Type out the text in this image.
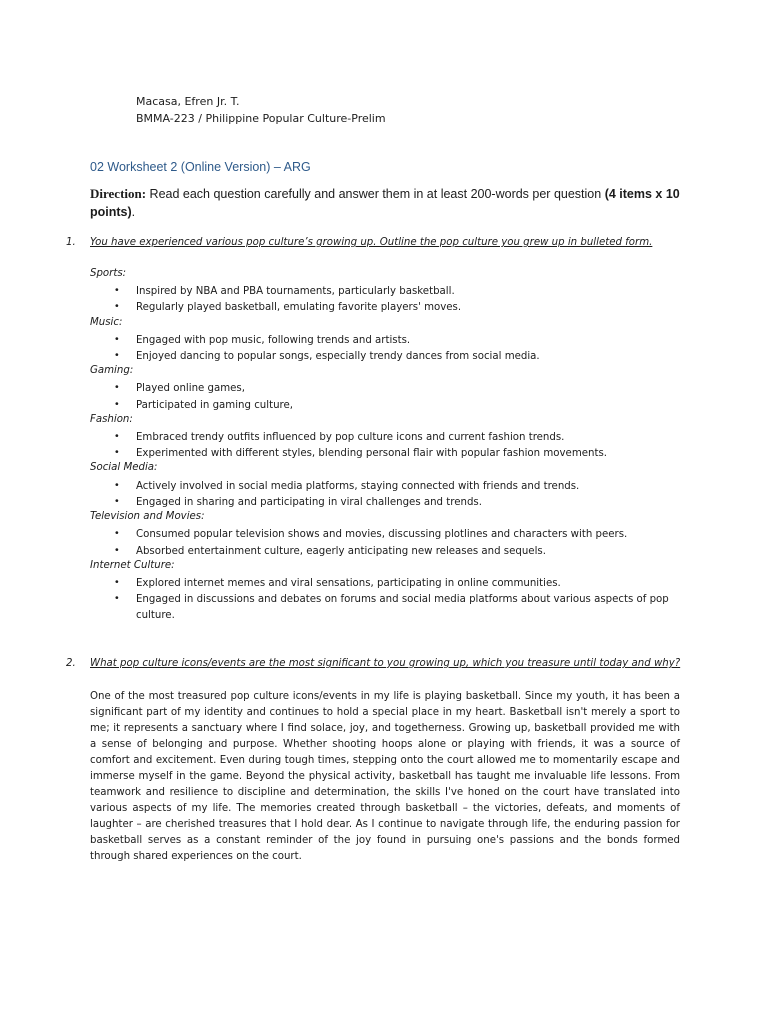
Macasa, Efren Jr. T.
BMMA-223 / Philippine Popular Culture-Prelim
02 Worksheet 2 (Online Version) – ARG
Direction: Read each question carefully and answer them in at least 200-words per question (4 items x 10 points).
1. You have experienced various pop culture’s growing up. Outline the pop culture you grew up in bulleted form.
Sports:
• Inspired by NBA and PBA tournaments, particularly basketball.
• Regularly played basketball, emulating favorite players' moves.
Music:
• Engaged with pop music, following trends and artists.
• Enjoyed dancing to popular songs, especially trendy dances from social media.
Gaming:
• Played online games,
• Participated in gaming culture,
Fashion:
• Embraced trendy outfits influenced by pop culture icons and current fashion trends.
• Experimented with different styles, blending personal flair with popular fashion movements.
Social Media:
• Actively involved in social media platforms, staying connected with friends and trends.
• Engaged in sharing and participating in viral challenges and trends.
Television and Movies:
• Consumed popular television shows and movies, discussing plotlines and characters with peers.
• Absorbed entertainment culture, eagerly anticipating new releases and sequels.
Internet Culture:
• Explored internet memes and viral sensations, participating in online communities.
• Engaged in discussions and debates on forums and social media platforms about various aspects of pop culture.
2. What pop culture icons/events are the most significant to you growing up, which you treasure until today and why?
One of the most treasured pop culture icons/events in my life is playing basketball. Since my youth, it has been a significant part of my identity and continues to hold a special place in my heart. Basketball isn't merely a sport to me; it represents a sanctuary where I find solace, joy, and togetherness. Growing up, basketball provided me with a sense of belonging and purpose. Whether shooting hoops alone or playing with friends, it was a source of comfort and excitement. Even during tough times, stepping onto the court allowed me to momentarily escape and immerse myself in the game. Beyond the physical activity, basketball has taught me invaluable life lessons. From teamwork and resilience to discipline and determination, the skills I've honed on the court have translated into various aspects of my life. The memories created through basketball – the victories, defeats, and moments of laughter – are cherished treasures that I hold dear. As I continue to navigate through life, the enduring passion for basketball serves as a constant reminder of the joy found in pursuing one's passions and the bonds formed through shared experiences on the court.
